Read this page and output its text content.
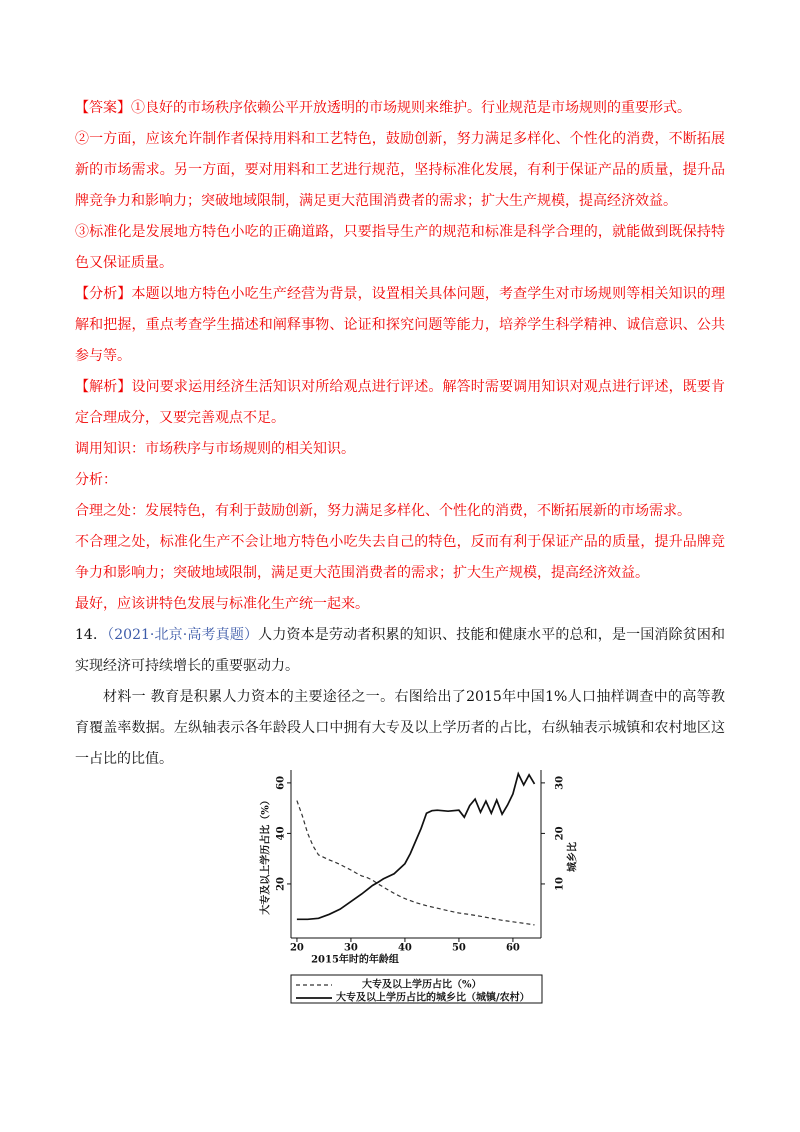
【答案】①良好的市场秩序依赖公平开放透明的市场规则来维护。行业规范是市场规则的重要形式。
②一方面，应该允许制作者保持用料和工艺特色，鼓励创新，努力满足多样化、个性化的消费，不断拓展
新的市场需求。另一方面，要对用料和工艺进行规范，坚持标准化发展，有利于保证产品的质量，提升品
牌竞争力和影响力；突破地域限制，满足更大范围消费者的需求；扩大生产规模，提高经济效益。
③标准化是发展地方特色小吃的正确道路，只要指导生产的规范和标准是科学合理的，就能做到既保持特
色又保证质量。
【分析】本题以地方特色小吃生产经营为背景，设置相关具体问题，考查学生对市场规则等相关知识的理
解和把握，重点考查学生描述和阐释事物、论证和探究问题等能力，培养学生科学精神、诚信意识、公共
参与等。
【解析】设问要求运用经济生活知识对所给观点进行评述。解答时需要调用知识对观点进行评述，既要肯
定合理成分，又要完善观点不足。
调用知识：市场秩序与市场规则的相关知识。
分析：
合理之处：发展特色，有利于鼓励创新，努力满足多样化、个性化的消费，不断拓展新的市场需求。
不合理之处，标准化生产不会让地方特色小吃失去自己的特色，反而有利于保证产品的质量，提升品牌竞
争力和影响力；突破地域限制，满足更大范围消费者的需求；扩大生产规模，提高经济效益。
最好，应该讲特色发展与标准化生产统一起来。
14．（2021·北京·高考真题）人力资本是劳动者积累的知识、技能和健康水平的总和，是一国消除贫困和
实现经济可持续增长的重要驱动力。
材料一 教育是积累人力资本的主要途径之一。右图给出了2015年中国1%人口抽样调查中的高等教
育覆盖率数据。左纵轴表示各年龄段人口中拥有大专及以上学历者的占比，右纵轴表示城镇和农村地区这
一占比的比值。
20	30	40	50	60
20
40
60
10
20
30
2015年时的年龄组
大专及以上学历占比（%）	城乡比
大专及以上学历占比（%）
大专及以上学历占比的城乡比（城镇/农村）
